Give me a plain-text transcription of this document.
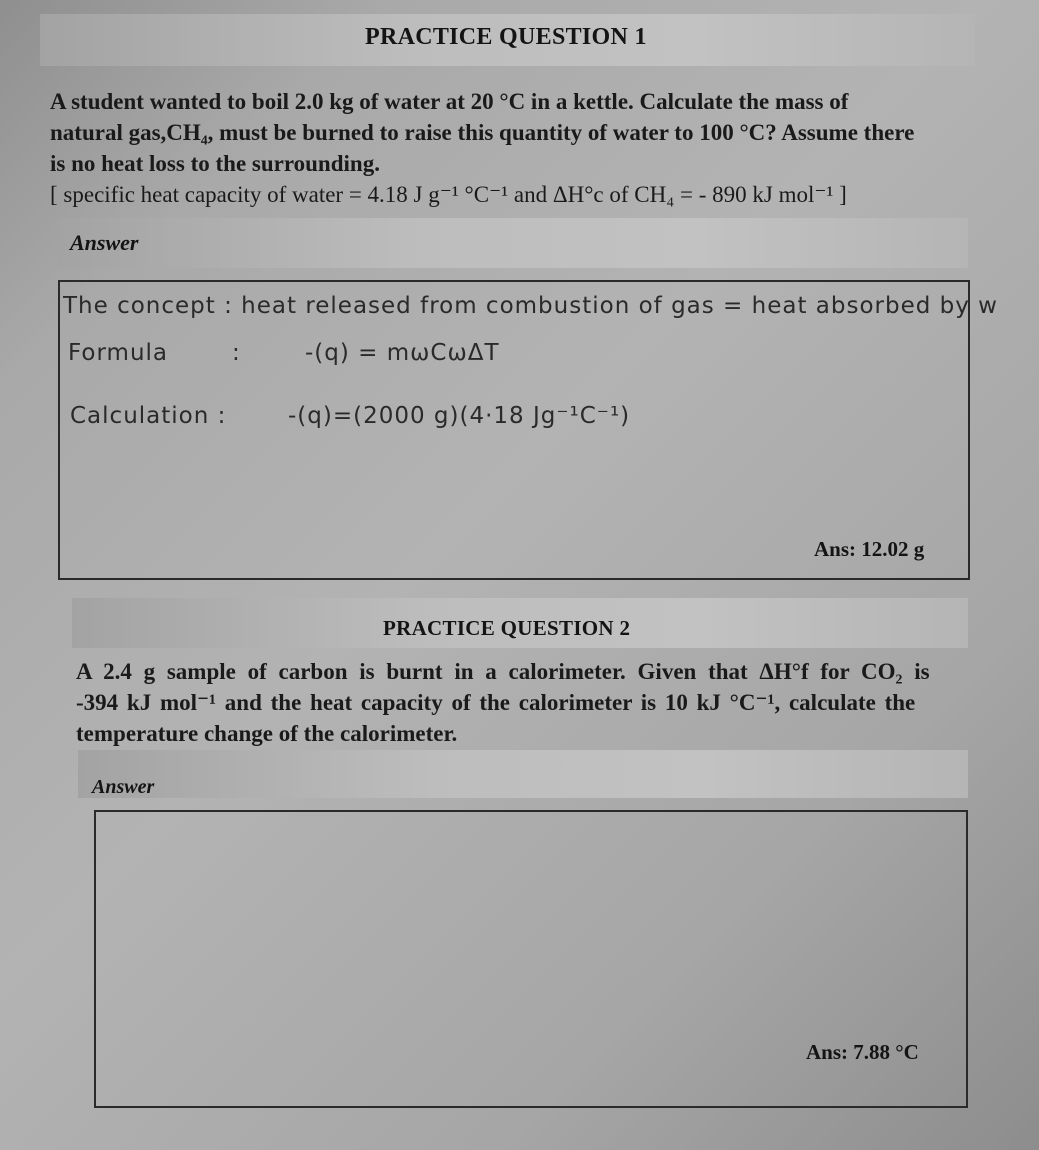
PRACTICE QUESTION 1
A student wanted to boil 2.0 kg of water at 20 °C in a kettle. Calculate the mass of
natural gas,CH₄, must be burned to raise this quantity of water to 100 °C? Assume there
is no heat loss to the surrounding.
[ specific heat capacity of water = 4.18 J g⁻¹ °C⁻¹ and ΔH°c of CH₄ = - 890 kJ mol⁻¹ ]
Answer
The concept : heat released from combustion of gas = heat absorbed by w
Formula	:	-(q) = mωCωΔT
Calculation :	-(q)=(2000 g)(4·18 Jg⁻¹C⁻¹)
Ans: 12.02 g
PRACTICE QUESTION 2
A 2.4 g sample of carbon is burnt in a calorimeter. Given that ΔH°f for CO₂ is
-394 kJ mol⁻¹ and the heat capacity of the calorimeter is 10 kJ °C⁻¹, calculate the
temperature change of the calorimeter.
Answer
Ans: 7.88 °C
